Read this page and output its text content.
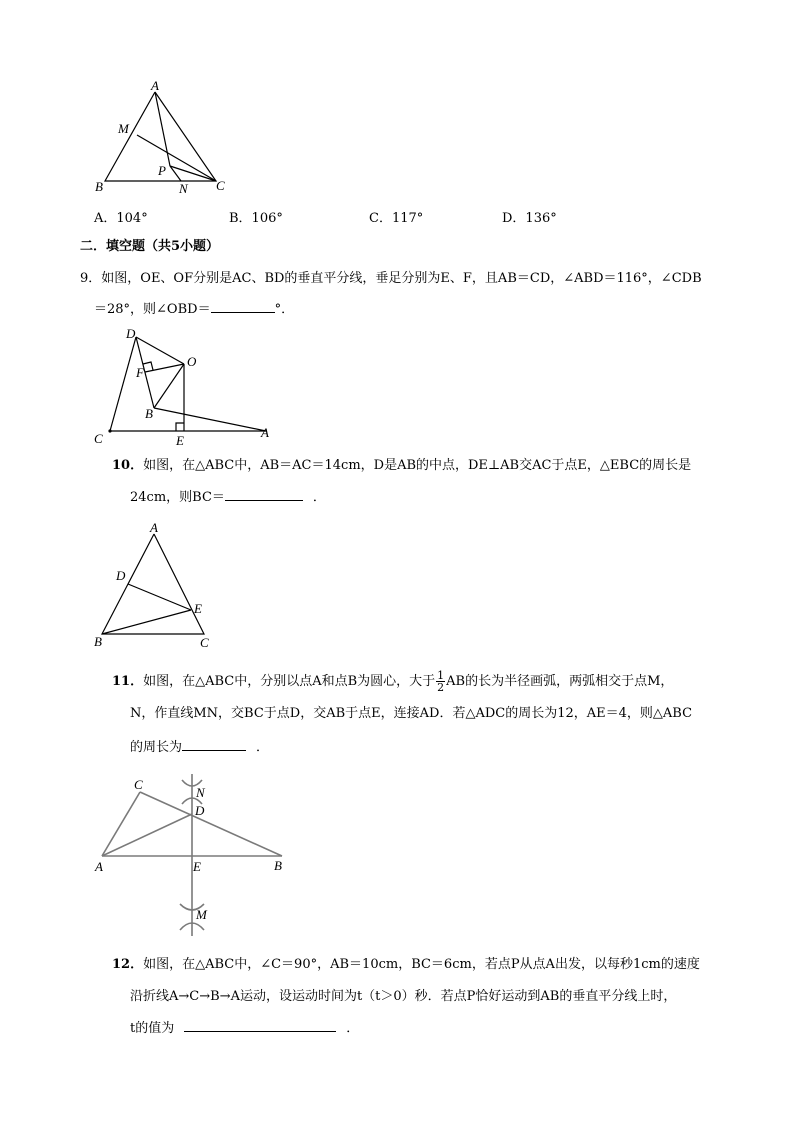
A
M
B
P
N C
A．104°	B．106°	C．117°	D．136°
二．填空题（共5小题）
9．如图，OE、OF分别是AC、BD的垂直平分线，垂足分别为E、F，且AB＝CD，∠ABD＝116°，∠CDB
＝28°，则∠OBD＝	°．
D
O
F
B
C	E
A
10．如图，在△ABC中，AB＝AC＝14cm，D是AB的中点，DE⊥AB交AC于点E，△EBC的周长是
24cm，则BC＝	．
A
D
E
B	C
11．如图，在△ABC中，分别以点A和点B为圆心，大于 $\frac{1}{2}$ AB的长为半径画弧，两弧相交于点M，
N，作直线MN，交BC于点D，交AB于点E，连接AD．若△ADC的周长为12，AE＝4，则△ABC
的周长为	．
C
N
D
A	E	B
M
12．如图，在△ABC中，∠C＝90°，AB＝10cm，BC＝6cm，若点P从点A出发，以每秒1cm的速度
沿折线A→C→B→A运动，设运动时间为t（t＞0）秒．若点P恰好运动到AB的垂直平分线上时，
t的值为	．
